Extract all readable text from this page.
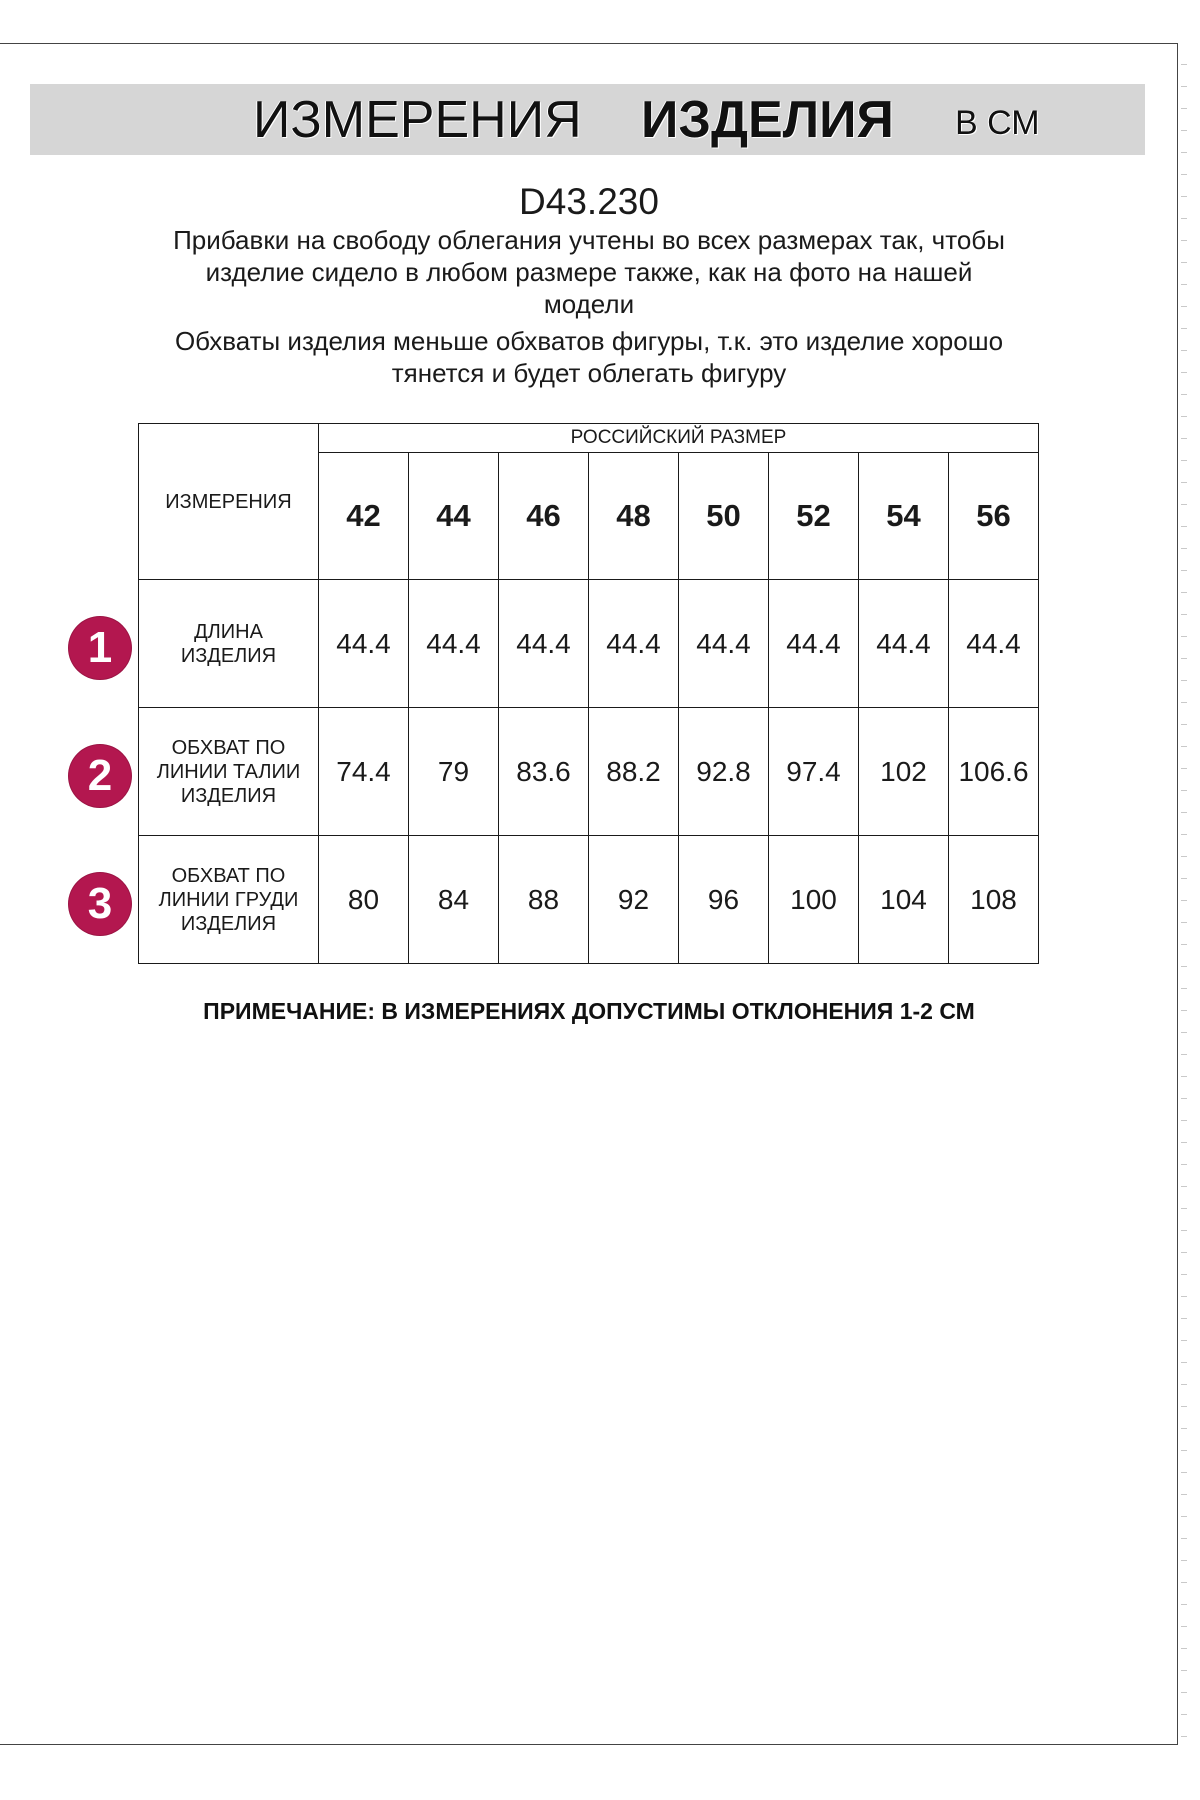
ИЗМЕРЕНИЯ ИЗДЕЛИЯ В СМ
D43.230
Прибавки на свободу облегания учтены во всех размерах так, чтобы
изделие сидело в любом размере также, как на фото на нашей
модели
Обхваты изделия меньше обхватов фигуры, т.к. это изделие хорошо
тянется и будет облегать фигуру
ИЗМЕРЕНИЯ	РОССИЙСКИЙ РАЗМЕР							
	42	44	46	48	50	52	54	56

ДЛИНА
ИЗДЕЛИЯ	44.4	44.4	44.4	44.4	44.4	44.4	44.4	44.4

ОБХВАТ ПО
ЛИНИИ ТАЛИИ
ИЗДЕЛИЯ	74.4	79	83.6	88.2	92.8	97.4	102	106.6

ОБХВАТ ПО
ЛИНИИ ГРУДИ
ИЗДЕЛИЯ	80	84	88	92	96	100	104	108
1
2
3
ПРИМЕЧАНИЕ: В ИЗМЕРЕНИЯХ ДОПУСТИМЫ ОТКЛОНЕНИЯ 1-2 СМ
